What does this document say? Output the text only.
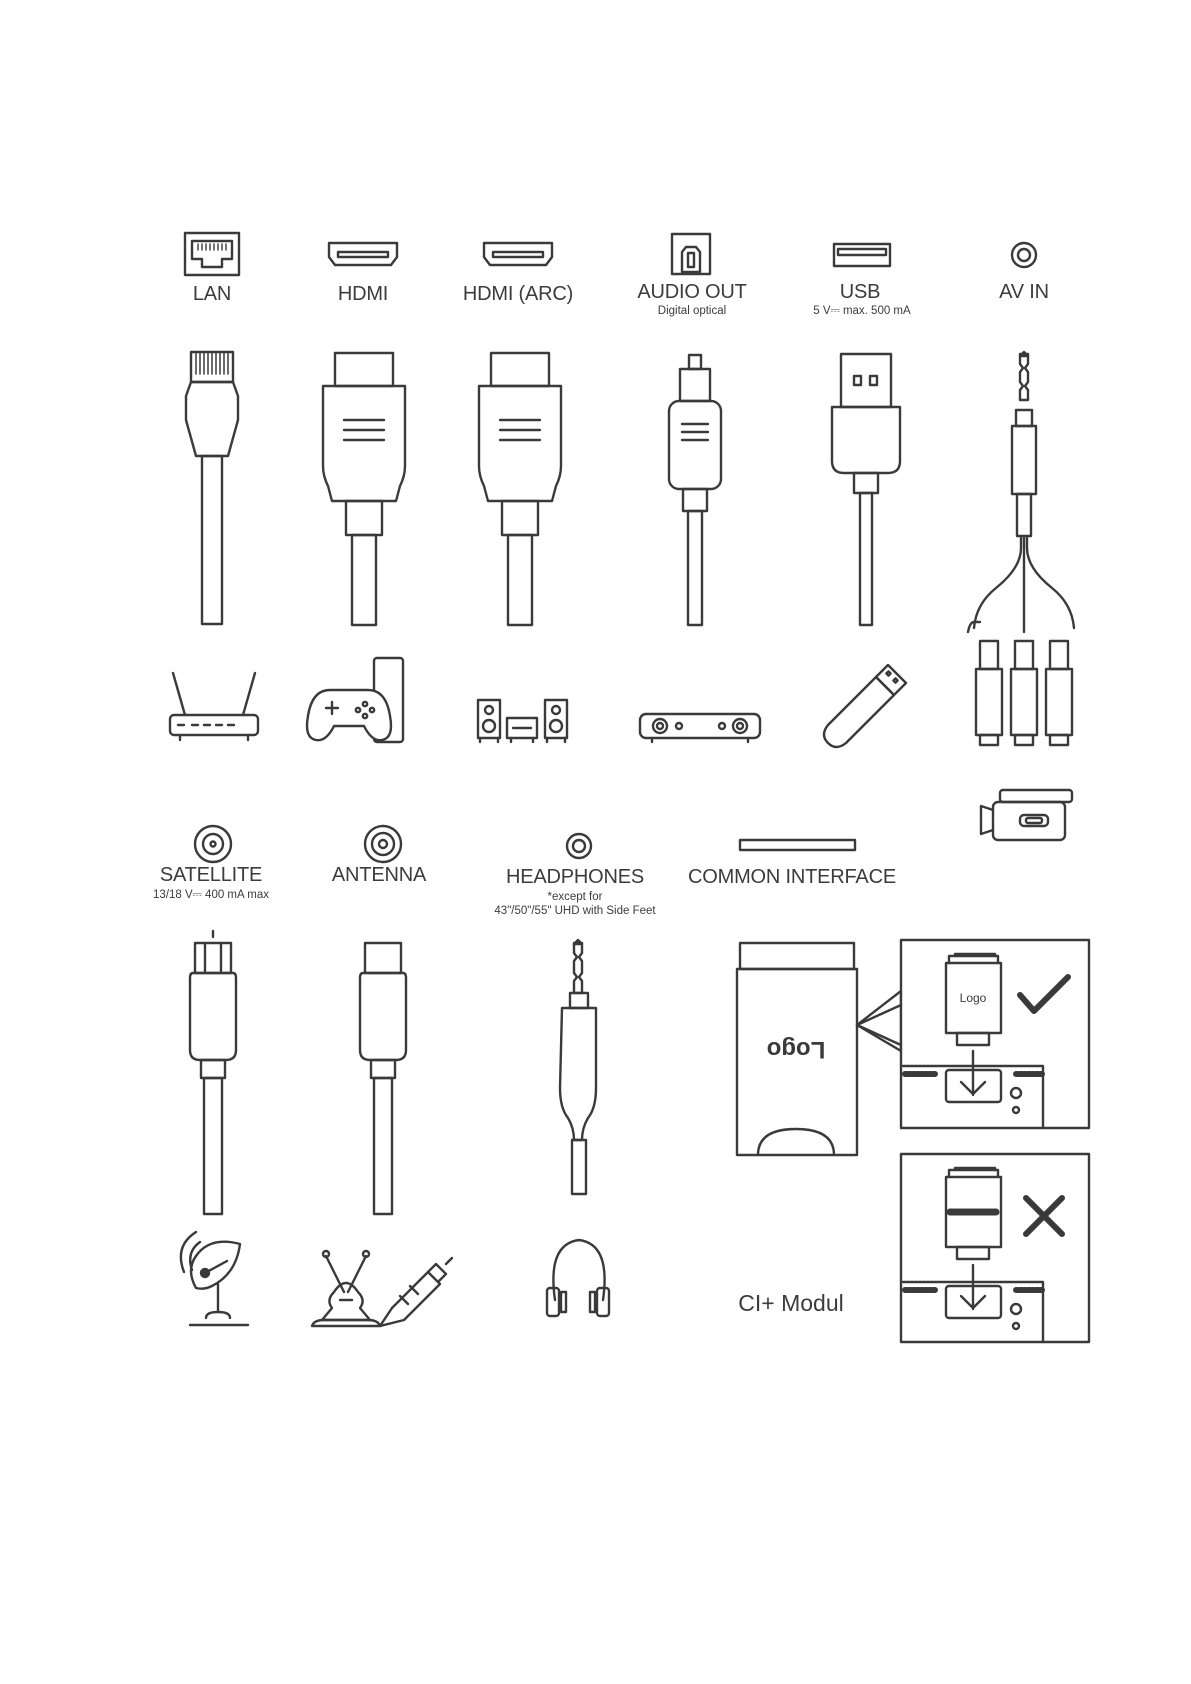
Logo
Logo
LAN	HDMI	HDMI (ARC)	AUDIO OUT
Digital optical
USB
5 V⎓ max. 500 mA
AV IN
SATELLITE
13/18 V⎓ 400 mA max
ANTENNA	HEADPHONES
*except for
43"/50"/55" UHD with Side Feet
COMMON INTERFACE
CI+ Modul
